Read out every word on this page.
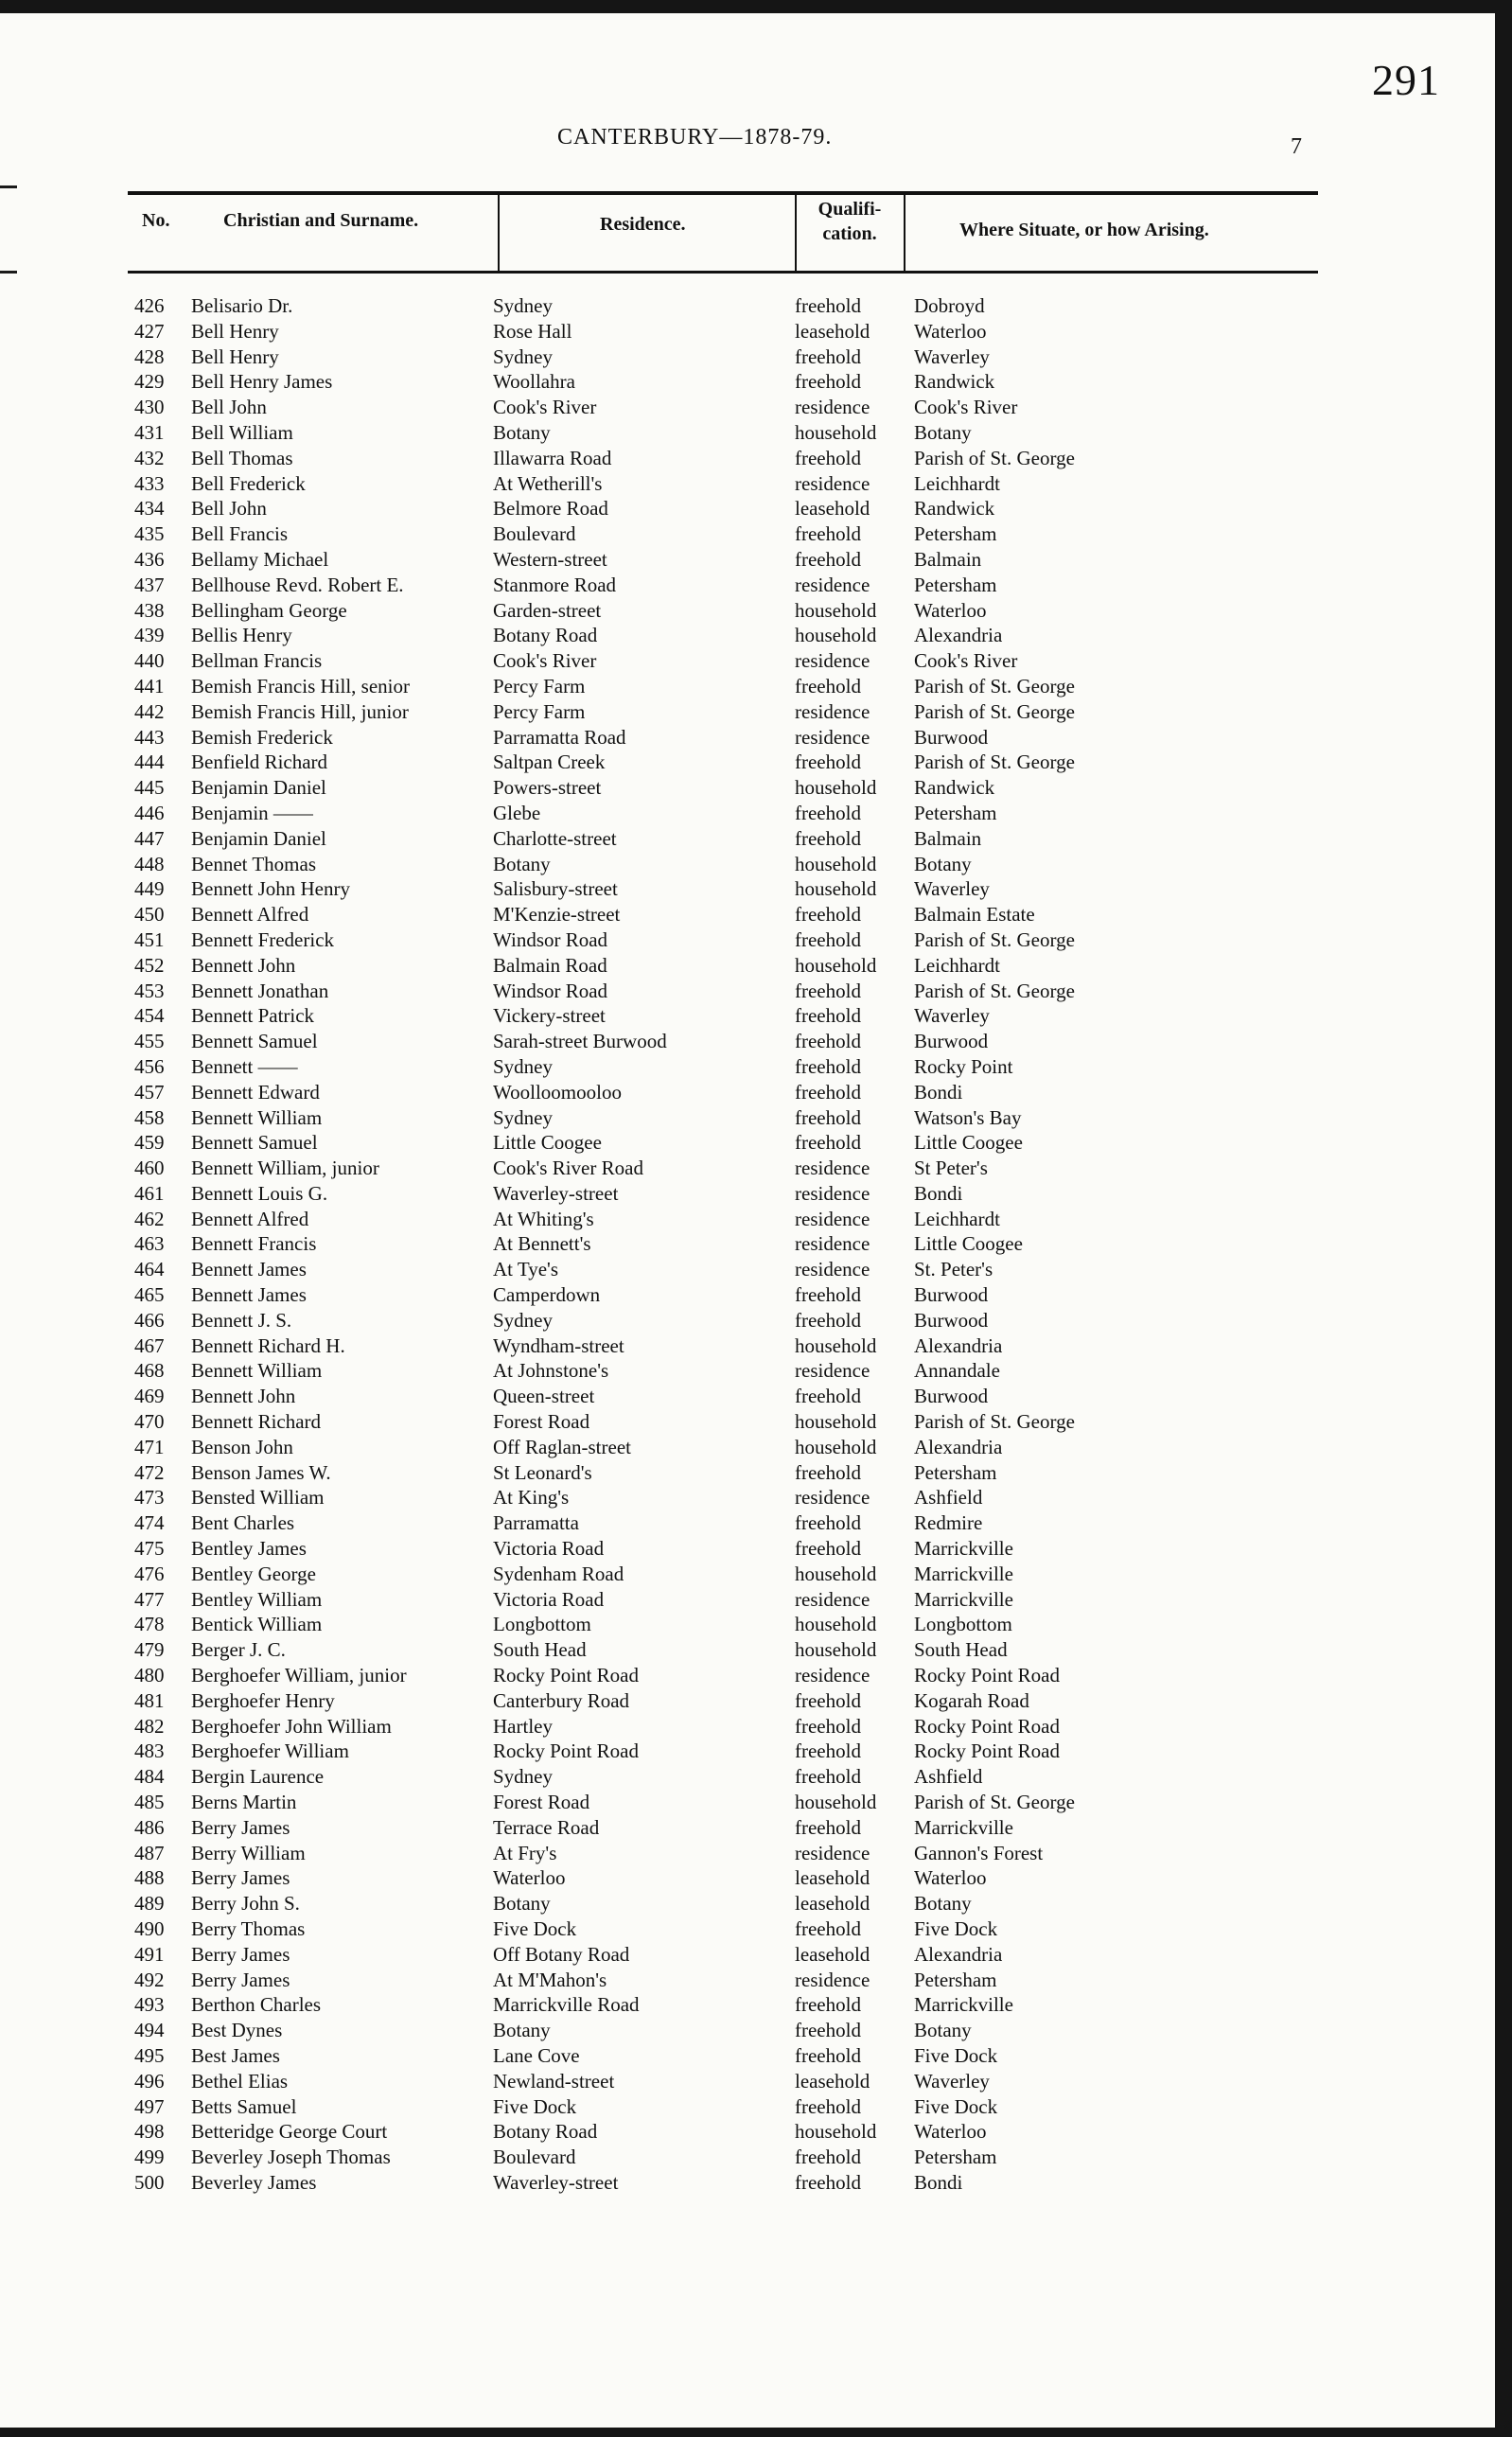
291
CANTERBURY—1878-79.	7
No.	Christian and Surname.	Residence.
Qualifi-
cation.	Where Situate, or how Arising.
426 Belisario Dr.	Sydney	freehold	Dobroyd
427 Bell Henry	Rose Hall	leasehold Waterloo
428 Bell Henry	Sydney	freehold	Waverley
429 Bell Henry James	Woollahra	freehold	Randwick
430 Bell John	Cook's River	residence Cook's River
431 Bell William	Botany	household Botany
432 Bell Thomas	Illawarra Road	freehold	Parish of St. George
433 Bell Frederick	At Wetherill's	residence Leichhardt
434 Bell John	Belmore Road	leasehold Randwick
435 Bell Francis	Boulevard	freehold	Petersham
436 Bellamy Michael	Western-street	freehold	Balmain
437 Bellhouse Revd. Robert E.	Stanmore Road	residence Petersham
438 Bellingham George	Garden-street	household Waterloo
439 Bellis Henry	Botany Road	household Alexandria
440 Bellman Francis	Cook's River	residence Cook's River
441 Bemish Francis Hill, senior	Percy Farm	freehold	Parish of St. George
442 Bemish Francis Hill, junior	Percy Farm	residence Parish of St. George
443 Bemish Frederick	Parramatta Road	residence Burwood
444 Benfield Richard	Saltpan Creek	freehold	Parish of St. George
445 Benjamin Daniel	Powers-street	household Randwick
446 Benjamin ——	Glebe	freehold	Petersham
447 Benjamin Daniel	Charlotte-street	freehold	Balmain
448 Bennet Thomas	Botany	household Botany
449 Bennett John Henry	Salisbury-street	household Waverley
450 Bennett Alfred	M'Kenzie-street	freehold	Balmain Estate
451 Bennett Frederick	Windsor Road	freehold	Parish of St. George
452 Bennett John	Balmain Road	household Leichhardt
453 Bennett Jonathan	Windsor Road	freehold	Parish of St. George
454 Bennett Patrick	Vickery-street	freehold	Waverley
455 Bennett Samuel	Sarah-street Burwood	freehold	Burwood
456 Bennett ——	Sydney	freehold	Rocky Point
457 Bennett Edward	Woolloomooloo	freehold	Bondi
458 Bennett William	Sydney	freehold	Watson's Bay
459 Bennett Samuel	Little Coogee	freehold	Little Coogee
460 Bennett William, junior	Cook's River Road	residence St Peter's
461 Bennett Louis G.	Waverley-street	residence Bondi
462 Bennett Alfred	At Whiting's	residence Leichhardt
463 Bennett Francis	At Bennett's	residence Little Coogee
464 Bennett James	At Tye's	residence St. Peter's
465 Bennett James	Camperdown	freehold	Burwood
466 Bennett J. S.	Sydney	freehold	Burwood
467 Bennett Richard H.	Wyndham-street	household Alexandria
468 Bennett William	At Johnstone's	residence Annandale
469 Bennett John	Queen-street	freehold	Burwood
470 Bennett Richard	Forest Road	household Parish of St. George
471 Benson John	Off Raglan-street	household Alexandria
472 Benson James W.	St Leonard's	freehold	Petersham
473 Bensted William	At King's	residence Ashfield
474 Bent Charles	Parramatta	freehold	Redmire
475 Bentley James	Victoria Road	freehold	Marrickville
476 Bentley George	Sydenham Road	household Marrickville
477 Bentley William	Victoria Road	residence Marrickville
478 Bentick William	Longbottom	household Longbottom
479 Berger J. C.	South Head	household South Head
480 Berghoefer William, junior	Rocky Point Road	residence Rocky Point Road
481 Berghoefer Henry	Canterbury Road	freehold	Kogarah Road
482 Berghoefer John William	Hartley	freehold	Rocky Point Road
483 Berghoefer William	Rocky Point Road	freehold	Rocky Point Road
484 Bergin Laurence	Sydney	freehold	Ashfield
485 Berns Martin	Forest Road	household Parish of St. George
486 Berry James	Terrace Road	freehold	Marrickville
487 Berry William	At Fry's	residence Gannon's Forest
488 Berry James	Waterloo	leasehold Waterloo
489 Berry John S.	Botany	leasehold Botany
490 Berry Thomas	Five Dock	freehold	Five Dock
491 Berry James	Off Botany Road	leasehold Alexandria
492 Berry James	At M'Mahon's	residence Petersham
493 Berthon Charles	Marrickville Road	freehold	Marrickville
494 Best Dynes	Botany	freehold	Botany
495 Best James	Lane Cove	freehold	Five Dock
496 Bethel Elias	Newland-street	leasehold Waverley
497 Betts Samuel	Five Dock	freehold	Five Dock
498 Betteridge George Court	Botany Road	household Waterloo
499 Beverley Joseph Thomas	Boulevard	freehold	Petersham
500 Beverley James	Waverley-street	freehold	Bondi
